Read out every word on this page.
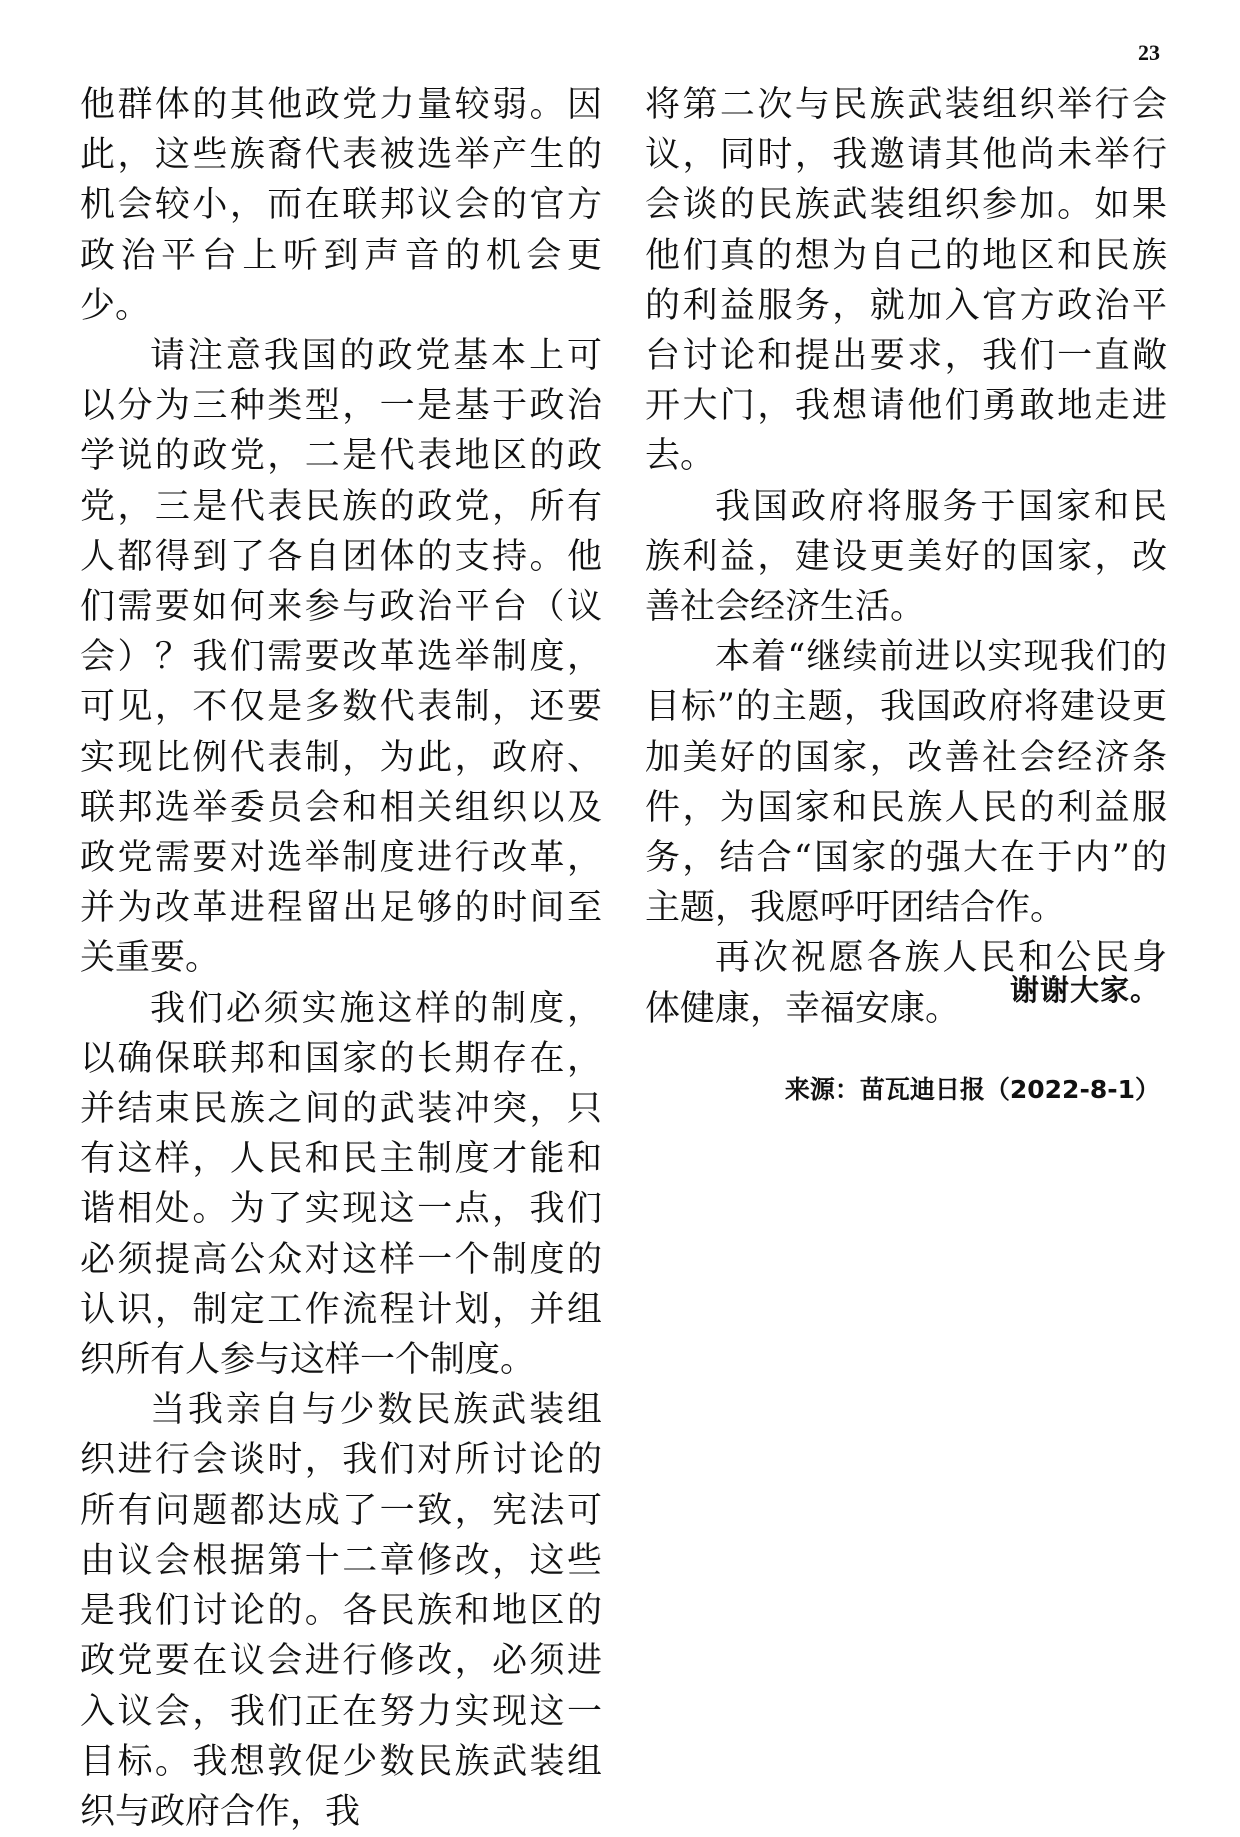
23

他群体的其他政党力量较弱。因此，这些族裔代表被选举产生的机会较小，而在联邦议会的官方政治平台上听到声音的机会更少。

请注意我国的政党基本上可以分为三种类型，一是基于政治学说的政党，二是代表地区的政党，三是代表民族的政党，所有人都得到了各自团体的支持。他们需要如何来参与政治平台（议会）？我们需要改革选举制度，可见，不仅是多数代表制，还要实现比例代表制，为此，政府、联邦选举委员会和相关组织以及政党需要对选举制度进行改革，并为改革进程留出足够的时间至关重要。

我们必须实施这样的制度，以确保联邦和国家的长期存在，并结束民族之间的武装冲突，只有这样，人民和民主制度才能和谐相处。为了实现这一点，我们必须提高公众对这样一个制度的认识，制定工作流程计划，并组织所有人参与这样一个制度。

当我亲自与少数民族武装组织进行会谈时，我们对所讨论的所有问题都达成了一致，宪法可由议会根据第十二章修改，这些是我们讨论的。各民族和地区的政党要在议会进行修改，必须进入议会，我们正在努力实现这一目标。我想敦促少数民族武装组织与政府合作，我

将第二次与民族武装组织举行会议，同时，我邀请其他尚未举行会谈的民族武装组织参加。如果他们真的想为自己的地区和民族的利益服务，就加入官方政治平台讨论和提出要求，我们一直敞开大门，我想请他们勇敢地走进去。

我国政府将服务于国家和民族利益，建设更美好的国家，改善社会经济生活。

本着“继续前进以实现我们的目标”的主题，我国政府将建设更加美好的国家，改善社会经济条件，为国家和民族人民的利益服务，结合“国家的强大在于内”的主题，我愿呼吁团结合作。

再次祝愿各族人民和公民身体健康，幸福安康。	谢谢大家。
来源：苗瓦迪日报（2022-8-1）
